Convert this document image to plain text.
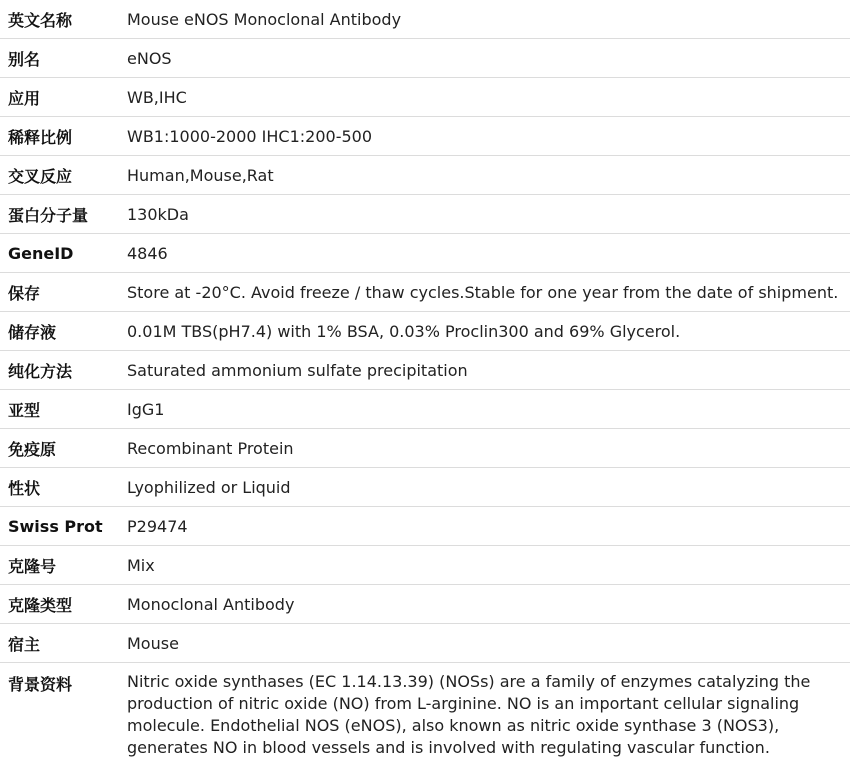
英文名称	Mouse eNOS Monoclonal Antibody
别名	eNOS
应用	WB,IHC
稀释比例	WB1:1000-2000 IHC1:200-500
交叉反应	Human,Mouse,Rat
蛋白分子量	130kDa
GeneID	4846
保存	Store at -20°C. Avoid freeze / thaw cycles.Stable for one year from the date of shipment.
储存液	0.01M TBS(pH7.4) with 1% BSA, 0.03% Proclin300 and 69% Glycerol.
纯化方法	Saturated ammonium sulfate precipitation
亚型	IgG1
免疫原	Recombinant Protein
性状	Lyophilized or Liquid
Swiss Prot	P29474
克隆号	Mix
克隆类型	Monoclonal Antibody
宿主	Mouse
背景资料	Nitric oxide synthases (EC 1.14.13.39) (NOSs) are a family of enzymes catalyzing the production of nitric oxide (NO) from L-arginine. NO is an important cellular signaling molecule. Endothelial NOS (eNOS), also known as nitric oxide synthase 3 (NOS3), generates NO in blood vessels and is involved with regulating vascular function.
